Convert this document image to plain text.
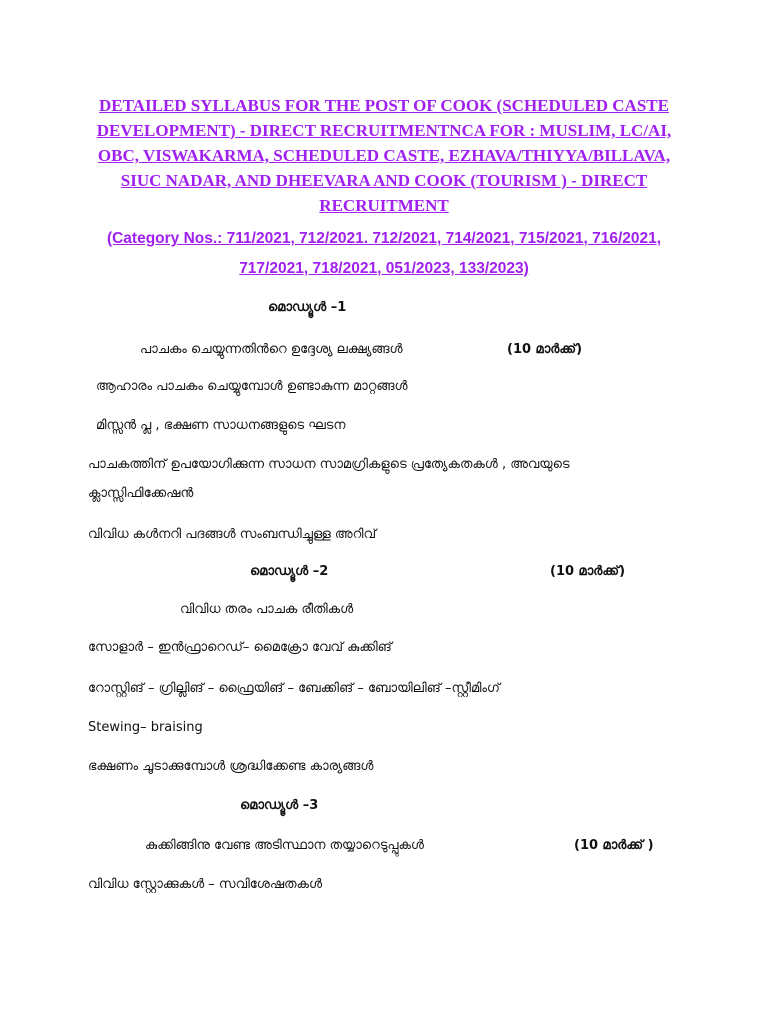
DETAILED SYLLABUS FOR THE POST OF COOK (SCHEDULED CASTE DEVELOPMENT) - DIRECT RECRUITMENTNCA FOR : MUSLIM, LC/AI, OBC, VISWAKARMA, SCHEDULED CASTE, EZHAVA/THIYYA/BILLAVA, SIUC NADAR, AND DHEEVARA AND COOK (TOURISM ) - DIRECT RECRUITMENT

(Category Nos.: 711/2021, 712/2021. 712/2021, 714/2021, 715/2021, 716/2021, 717/2021, 718/2021, 051/2023, 133/2023)

മൊഡ്യൂൾ –1

പാചകം ചെയ്യുന്നതിൻറെ ഉദ്ദേശ്യ ലക്ഷ്യങ്ങൾ	(10 മാർക്ക്)

ആഹാരം പാചകം ചെയ്യുമ്പോൾ ഉണ്ടാകുന്ന മാറ്റങ്ങൾ

മിസ്സൻ പ്ല , ഭക്ഷണ സാധനങ്ങളുടെ ഘടന

പാചകത്തിന് ഉപയോഗിക്കുന്ന സാധന സാമഗ്രികളുടെ പ്രത്യേകതകൾ , അവയുടെ

ക്ലാസ്സിഫിക്കേഷൻ

വിവിധ കൾനറി പദങ്ങൾ സംബന്ധിച്ചുള്ള അറിവ്

മൊഡ്യൂൾ –2	(10 മാർക്ക്)

വിവിധ തരം പാചക രീതികൾ

സോളാർ – ഇൻഫ്രാറെഡ്– മൈക്രോ വേവ് കുക്കിങ്

റോസ്റ്റിങ് – ഗ്രില്ലിങ് – ഫ്രൈയിങ് – ബേക്കിങ് – ബോയിലിങ് –സ്റ്റീമിംഗ്

Stewing– braising

ഭക്ഷണം ചൂടാക്കുമ്പോൾ ശ്രദ്ധിക്കേണ്ട കാര്യങ്ങൾ

മൊഡ്യൂൾ –3

കുക്കിങ്ങിനു വേണ്ട അടിസ്ഥാന തയ്യാറെടുപ്പുകൾ	(10 മാർക്ക് )

വിവിധ സ്റ്റോക്കുകൾ – സവിശേഷതകൾ
